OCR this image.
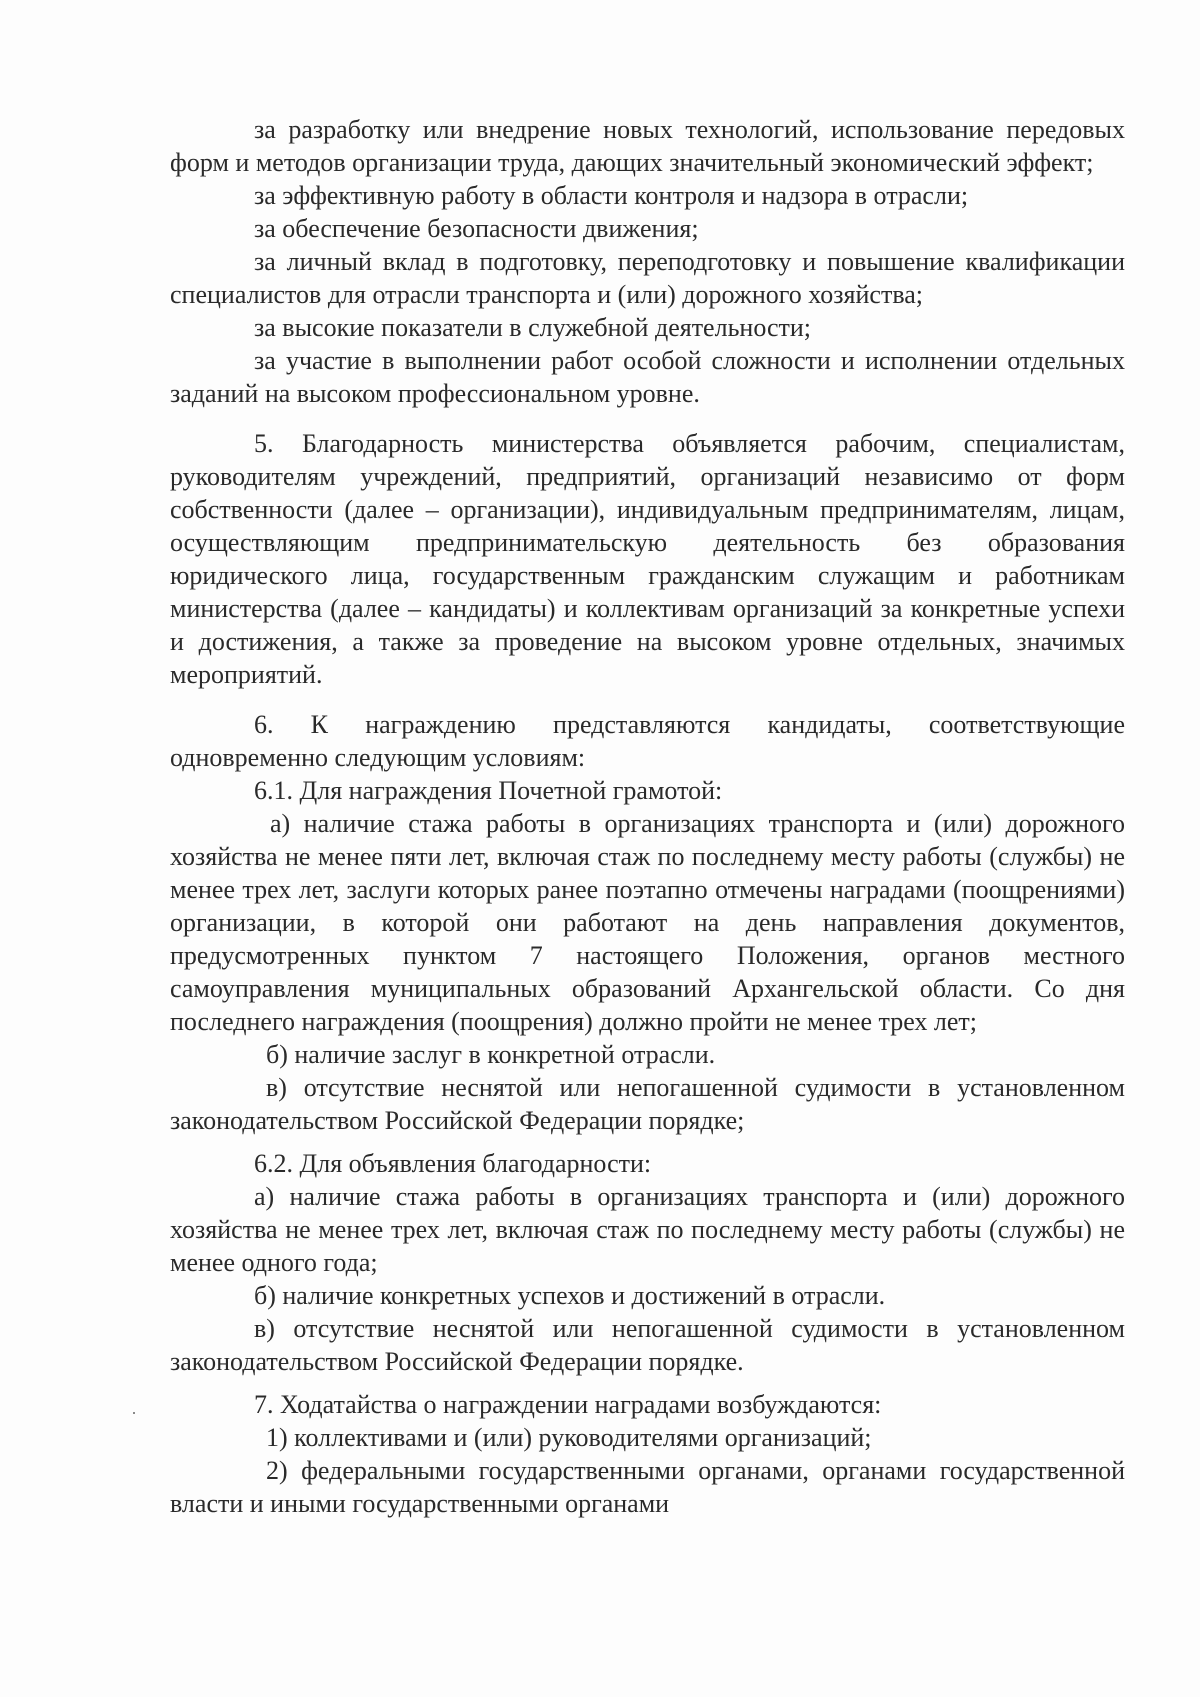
за разработку или внедрение новых технологий, использование передовых форм и методов организации труда, дающих значительный экономический эффект;

за эффективную работу в области контроля и надзора в отрасли;

за обеспечение безопасности движения;

за личный вклад в подготовку, переподготовку и повышение квалификации специалистов для отрасли транспорта и (или) дорожного хозяйства;

за высокие показатели в служебной деятельности;

за участие в выполнении работ особой сложности и исполнении отдельных заданий на высоком профессиональном уровне.

5. Благодарность министерства объявляется рабочим, специалистам, руководителям учреждений, предприятий, организаций независимо от форм собственности (далее – организации), индивидуальным предпринимателям, лицам, осуществляющим предпринимательскую деятельность без образования юридического лица, государственным гражданским служащим и работникам министерства (далее – кандидаты) и коллективам организаций за конкретные успехи и достижения, а также за проведение на высоком уровне отдельных, значимых мероприятий.

6. К награждению представляются кандидаты, соответствующие одновременно следующим условиям:

6.1. Для награждения Почетной грамотой:

а) наличие стажа работы в организациях транспорта и (или) дорожного хозяйства не менее пяти лет, включая стаж по последнему месту работы (службы) не менее трех лет, заслуги которых ранее поэтапно отмечены наградами (поощрениями) организации, в которой они работают на день направления документов, предусмотренных пунктом 7 настоящего Положения, органов местного самоуправления муниципальных образований Архангельской области. Со дня последнего награждения (поощрения) должно пройти не менее трех лет;

б) наличие заслуг в конкретной отрасли.

в) отсутствие неснятой или непогашенной судимости в установленном законодательством Российской Федерации порядке;

6.2. Для объявления благодарности:

а) наличие стажа работы в организациях транспорта и (или) дорожного хозяйства не менее трех лет, включая стаж по последнему месту работы (службы) не менее одного года;

б) наличие конкретных успехов и достижений в отрасли.

в) отсутствие неснятой или непогашенной судимости в установленном законодательством Российской Федерации порядке.

7. Ходатайства о награждении наградами возбуждаются:

1) коллективами и (или) руководителями организаций;

2) федеральными государственными органами, органами государственной власти и иными государственными органами
